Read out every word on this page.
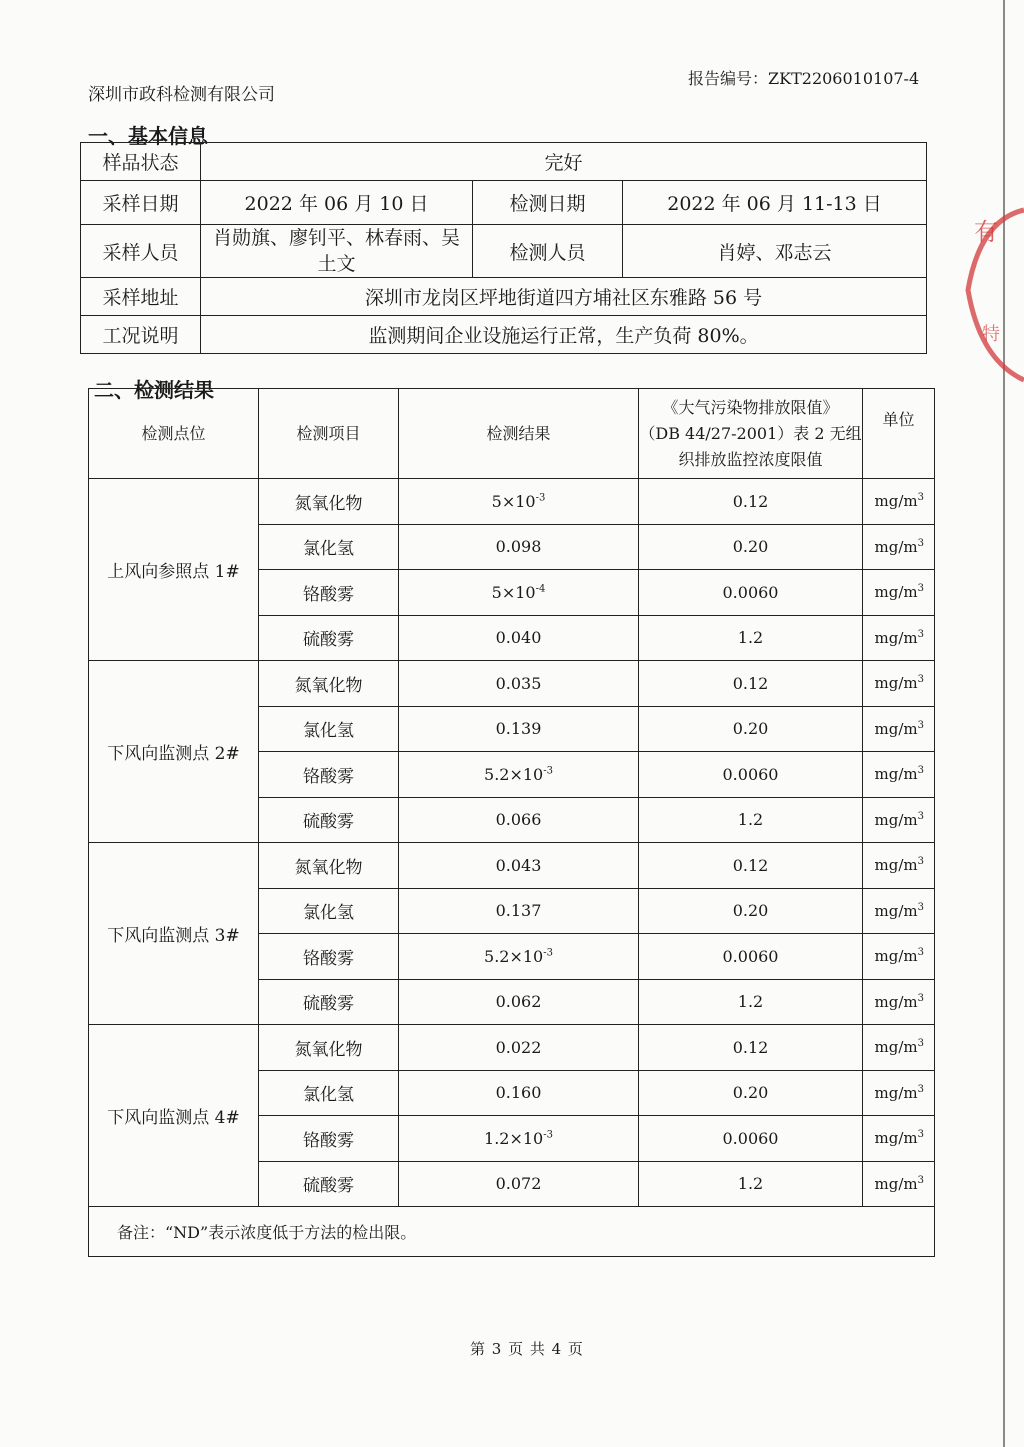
有
特
深圳市政科检测有限公司
报告编号：ZKT2206010107-4
一、基本信息
样品状态	完好		
采样日期	2022 年 06 月 10 日	检测日期	2022 年 06 月 11-13 日
采样人员	肖勋旗、廖钊平、林春雨、吴土文	检测人员	肖婷、邓志云
采样地址	深圳市龙岗区坪地街道四方埔社区东雅路 56 号		
工况说明	监测期间企业设施运行正常，生产负荷 80%。		
二、检测结果
检测点位	检测项目	检测结果	《大气污染物排放限值》
（DB 44/27-2001）表 2 无组
织排放监控浓度限值	单位
上风向参照点 1#	氮氧化物	$5\times 10^{-3}$	0.12	$mg/m^3$
	氯化氢	0.098	0.20	$mg/m^3$
	铬酸雾	$5\times 10^{-4}$	0.0060	$mg/m^3$
	硫酸雾	0.040	1.2	$mg/m^3$
下风向监测点 2#	氮氧化物	0.035	0.12	$mg/m^3$
	氯化氢	0.139	0.20	$mg/m^3$
	铬酸雾	$5.2\times 10^{-3}$	0.0060	$mg/m^3$
	硫酸雾	0.066	1.2	$mg/m^3$
下风向监测点 3#	氮氧化物	0.043	0.12	$mg/m^3$
	氯化氢	0.137	0.20	$mg/m^3$
	铬酸雾	$5.2\times 10^{-3}$	0.0060	$mg/m^3$
	硫酸雾	0.062	1.2	$mg/m^3$
下风向监测点 4#	氮氧化物	0.022	0.12	$mg/m^3$
	氯化氢	0.160	0.20	$mg/m^3$
	铬酸雾	$1.2\times 10^{-3}$	0.0060	$mg/m^3$
	硫酸雾	0.072	1.2	$mg/m^3$
备注：“ND”表示浓度低于方法的检出限。				
第 3 页 共 4 页
